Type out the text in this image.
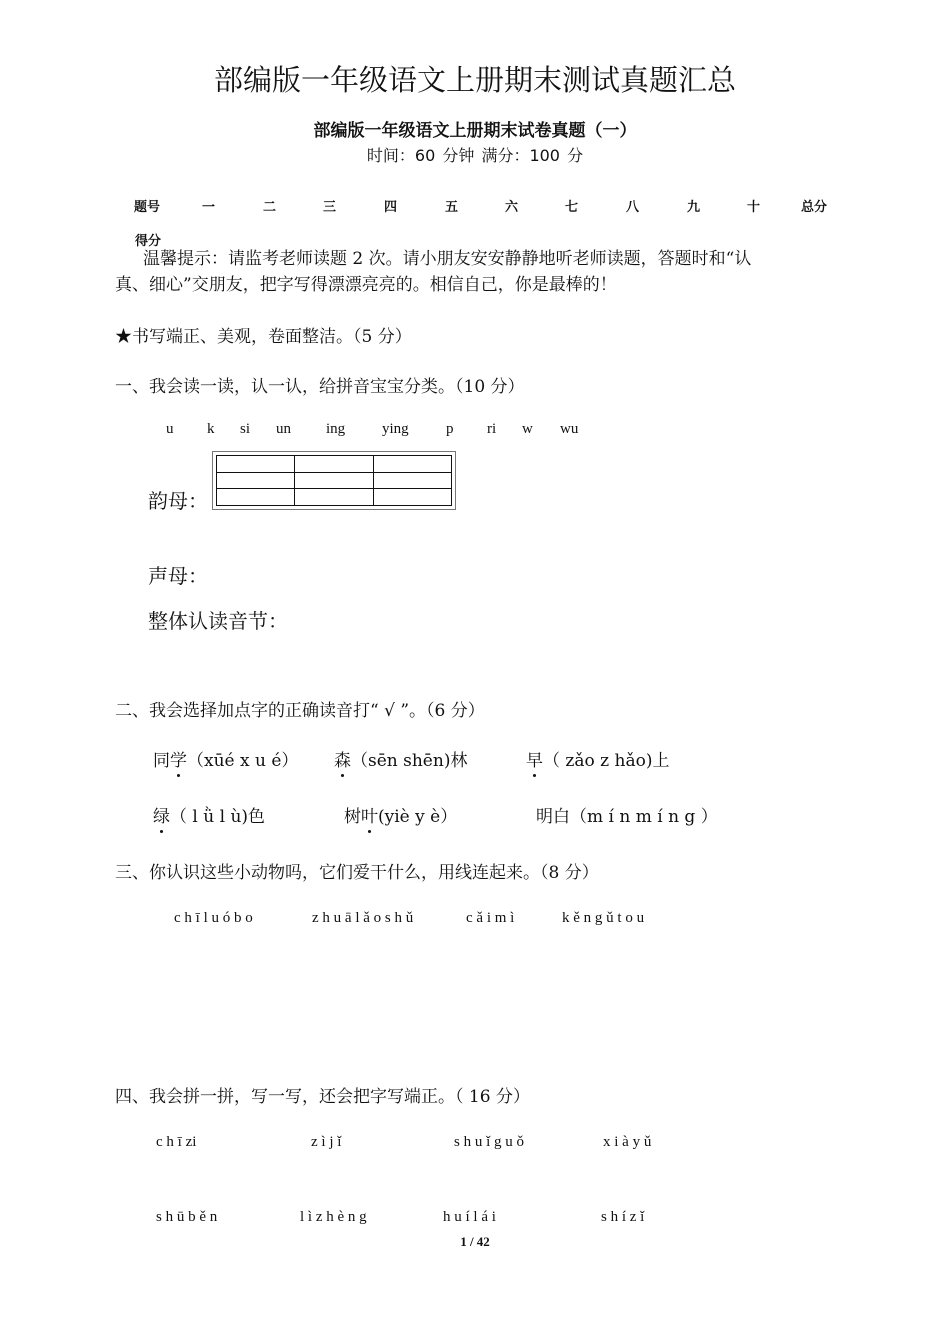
部编版一年级语文上册期末测试真题汇总
部编版一年级语文上册期末试卷真题（一）
时间：60 分钟 满分：100 分
题号	一	二	三	四	五	六	七	八	九	十	总分
得分
温馨提示：请监考老师读题 2 次。请小朋友安安静静地听老师读题，答题时和“认
真、细心”交朋友，把字写得漂漂亮亮的。相信自己，你是最棒的！
★书写端正、美观，卷面整洁。（5 分）
一、我会读一读，认一认，给拼音宝宝分类。（10 分）
u k si un ing ying p ri w wu

韵母：
声母：
整体认读音节：
二、我会选择加点字的正确读音打“ √ ”。（6 分）
同学（xūé x u é） 森（sēn shēn)林	早（ zǎo z hǎo)上
绿（ l ǜ l ù)色	树叶(yiè y è）	明白（m í n m í n g ）
三、你认识这些小动物吗，它们爱干什么，用线连起来。（8 分）
c h ī l u ó b o	z h u ā l ǎ o s h ǔ	c ǎ i m ì	k ě n g ǔ t o u
四、我会拼一拼，写一写，还会把字写端正。（ 16 分）
c h ī zi	z ì j ǐ	s h u ǐ g u ǒ	x i à y ǔ
s h ū b ě n	l ì z h è n g	h u í l á i	s h í z ǐ
1 / 42
